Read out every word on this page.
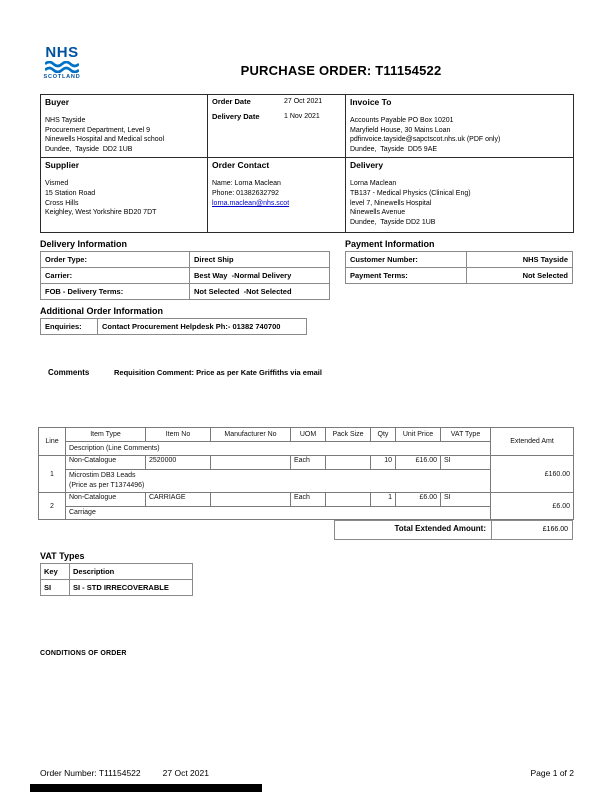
NHS
SCOTLAND	PURCHASE ORDER: T11154522
Buyer
NHS Tayside
Procurement Department, Level 9
Ninewells Hospital and Medical school
Dundee,  Tayside  DD2 1UB

Order Date	27 Oct 2021
Delivery Date	1 Nov 2021

Invoice To
Accounts Payable PO Box 10201
Maryfield House, 30 Mains Loan
pdfinvoice.tayside@sapctscot.nhs.uk (PDF only)
Dundee,  Tayside  DD5 9AE

Supplier
Vismed
15 Station Road
Cross Hills
Keighley, West Yorkshire BD20 7DT

Order Contact
Name: Lorna Maclean
Phone: 01382632792
lorna.maclean@nhs.scot

Delivery
Lorna Maclean
TB137 - Medical Physics (Clinical Eng)
level 7, Ninewells Hospital
Ninewells Avenue
Dundee,  Tayside DD2 1UB
Delivery Information
Order Type:	Direct Ship
Carrier:	Best Way  -Normal Delivery
FOB - Delivery Terms:	Not Selected  -Not Selected
Payment Information
Customer Number:	NHS Tayside
Payment Terms:	Not Selected
Additional Order Information
Enquiries:	Contact Procurement Helpdesk Ph:- 01382 740700
Comments	Requisition Comment: Price as per Kate Griffiths via email
Line	Item Type	Item No	Manufacturer No	UOM	Pack Size	Qty	Unit Price	VAT Type	Extended Amt
	Description (Line Comments)								
1	Non-Catalogue	2520000		Each		10	£16.00	SI	£160.00

	Microstim DB3 Leads
(Price as per T1374496)								

2	Non-Catalogue	CARRIAGE		Each		1	£6.00	SI	£6.00

	Carriage								
Total Extended Amount:	£166.00
VAT Types
Key	Description
SI	SI - STD IRRECOVERABLE
CONDITIONS OF ORDER
Order Number: T11154522	27 Oct 2021	Page 1 of 2
